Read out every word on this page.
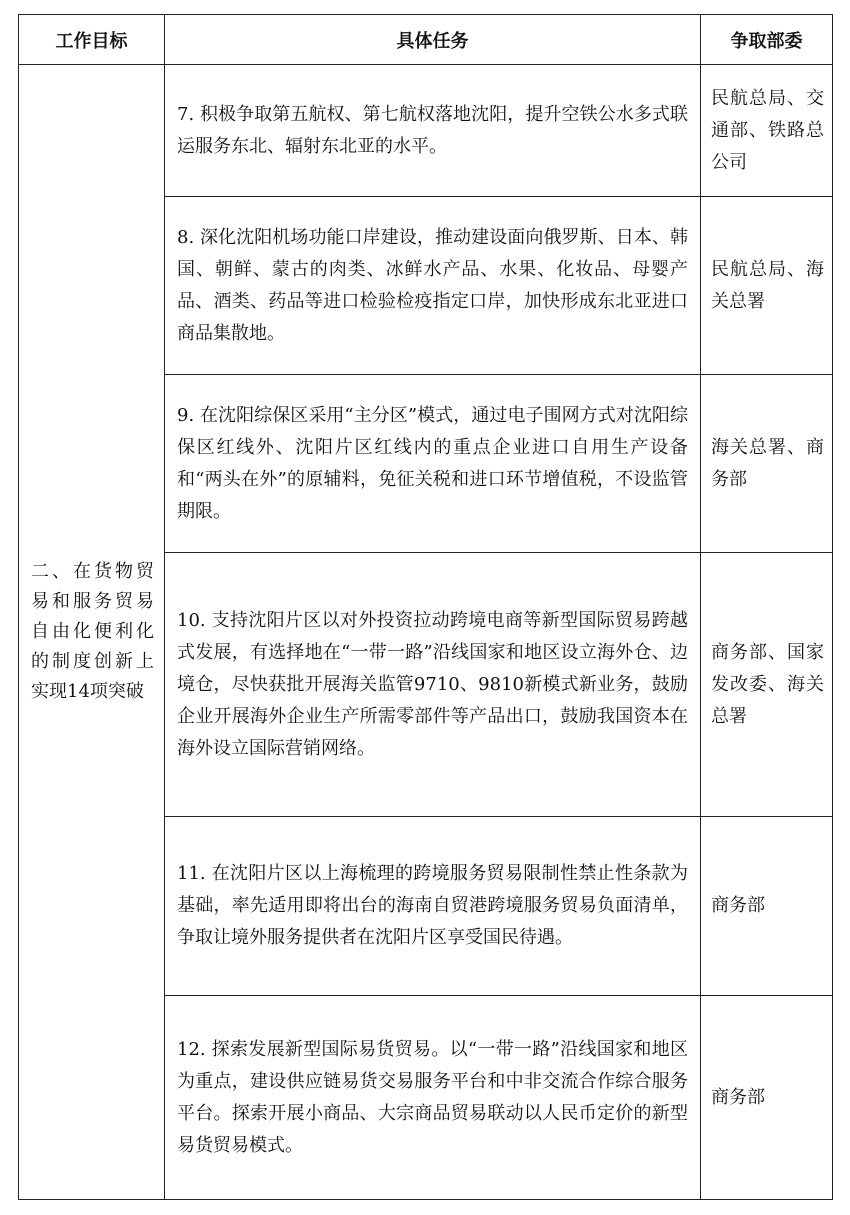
工作目标	具体任务	争取部委
二、在货物贸易和服务贸易自由化便利化的制度创新上实现14项突破	7. 积极争取第五航权、第七航权落地沈阳，提升空铁公水多式联运服务东北、辐射东北亚的水平。	民航总局、交通部、铁路总公司
	8. 深化沈阳机场功能口岸建设，推动建设面向俄罗斯、日本、韩国、朝鲜、蒙古的肉类、冰鲜水产品、水果、化妆品、母婴产品、酒类、药品等进口检验检疫指定口岸，加快形成东北亚进口商品集散地。	民航总局、海关总署
	9. 在沈阳综保区采用“主分区”模式，通过电子围网方式对沈阳综保区红线外、沈阳片区红线内的重点企业进口自用生产设备和“两头在外”的原辅料，免征关税和进口环节增值税，不设监管期限。	海关总署、商务部
	10. 支持沈阳片区以对外投资拉动跨境电商等新型国际贸易跨越式发展，有选择地在“一带一路”沿线国家和地区设立海外仓、边境仓，尽快获批开展海关监管9710、9810新模式新业务，鼓励企业开展海外企业生产所需零部件等产品出口，鼓励我国资本在海外设立国际营销网络。	商务部、国家发改委、海关总署
	11. 在沈阳片区以上海梳理的跨境服务贸易限制性禁止性条款为基础，率先适用即将出台的海南自贸港跨境服务贸易负面清单，争取让境外服务提供者在沈阳片区享受国民待遇。	商务部
	12. 探索发展新型国际易货贸易。以“一带一路”沿线国家和地区为重点，建设供应链易货交易服务平台和中非交流合作综合服务平台。探索开展小商品、大宗商品贸易联动以人民币定价的新型易货贸易模式。	商务部
